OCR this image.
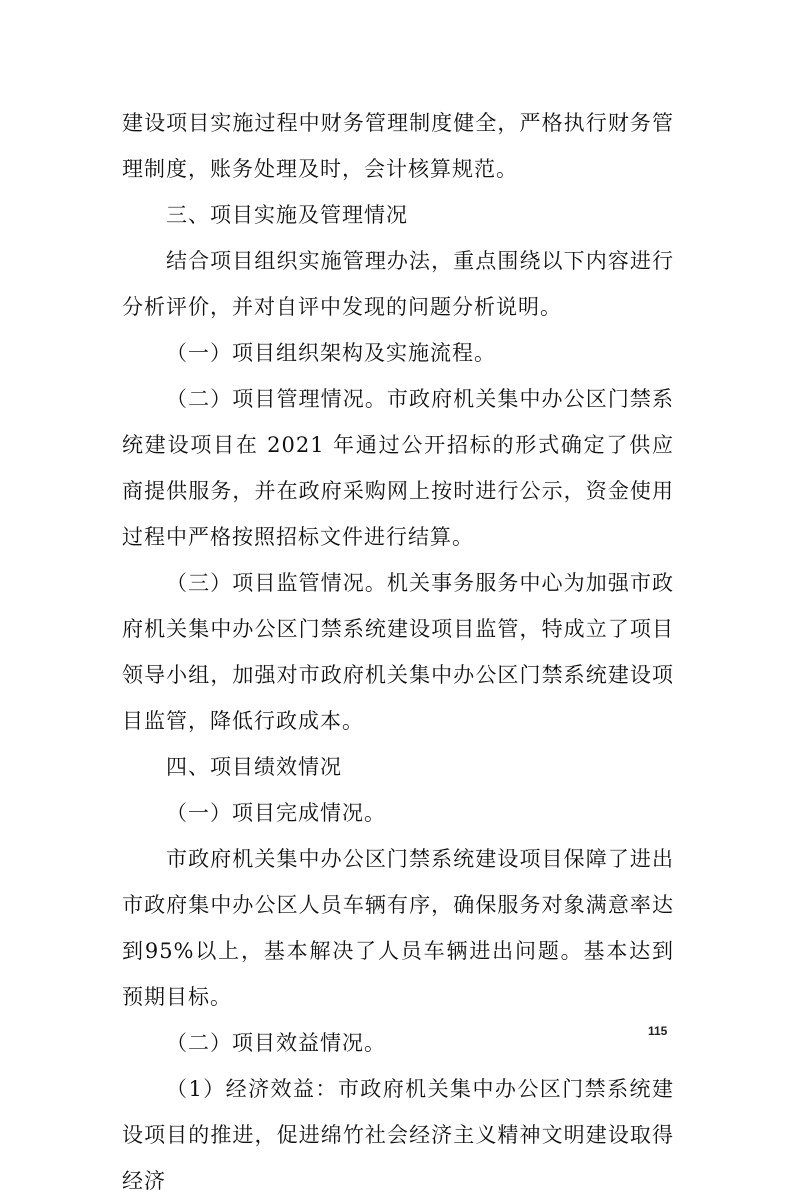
建设项目实施过程中财务管理制度健全，严格执行财务管理制度，账务处理及时，会计核算规范。

三、项目实施及管理情况

结合项目组织实施管理办法，重点围绕以下内容进行分析评价，并对自评中发现的问题分析说明。

（一）项目组织架构及实施流程。

（二）项目管理情况。市政府机关集中办公区门禁系统建设项目在 2021 年通过公开招标的形式确定了供应商提供服务，并在政府采购网上按时进行公示，资金使用过程中严格按照招标文件进行结算。

（三）项目监管情况。机关事务服务中心为加强市政府机关集中办公区门禁系统建设项目监管，特成立了项目领导小组，加强对市政府机关集中办公区门禁系统建设项目监管，降低行政成本。

四、项目绩效情况

（一）项目完成情况。

市政府机关集中办公区门禁系统建设项目保障了进出市政府集中办公区人员车辆有序，确保服务对象满意率达到95%以上，基本解决了人员车辆进出问题。基本达到预期目标。

（二）项目效益情况。

（1）经济效益：市政府机关集中办公区门禁系统建设项目的推进，促进绵竹社会经济主义精神文明建设取得经济

115
